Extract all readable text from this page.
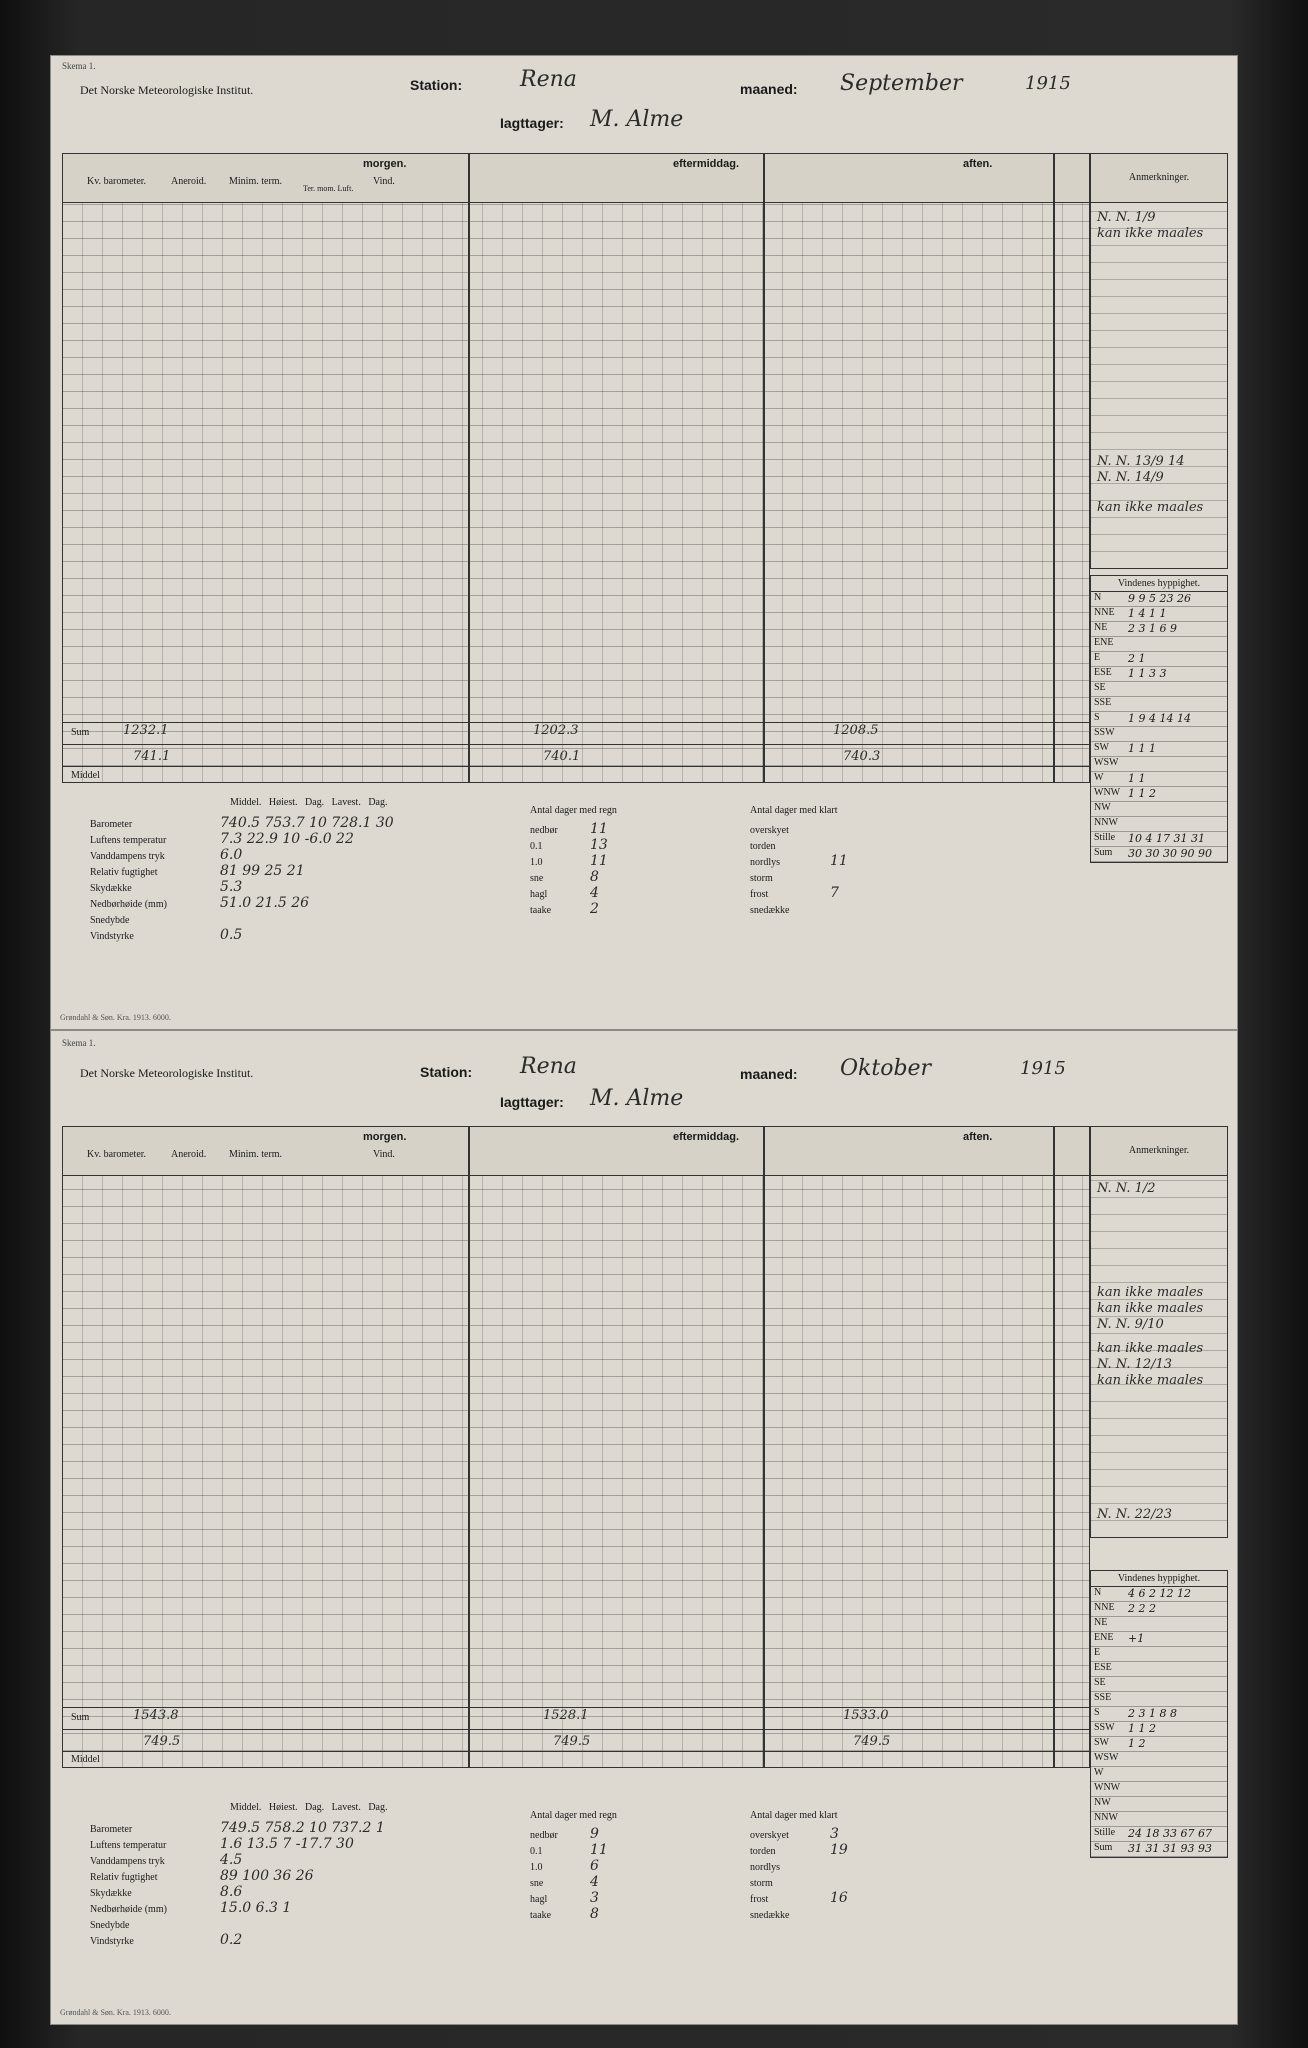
Skema 1.
Det Norske Meteorologiske Institut.	Station:	Rena	maaned: September	1915
Iagttager: M. Alme
morgen.	eftermiddag.	aften.
Kv. barometer. Aneroid. Minim. term.
Ter. mom. Luft.
Vind.
Sum	1232.1	1202.3	1208.5
741.1	740.1	740.3
Middel
Anmerkninger.
N. N. 1/9
kan ikke maales
N. N. 13/9 14
N. N. 14/9
kan ikke maales
Vindenes hyppighet.
N	9 9 5 23 26
NNE	1 4 1 1
NE	2 3 1 6 9
ENE
E	2 1
ESE	1 1 3 3
SE
SSE
S	1 9 4 14 14
SSW
SW	1 1 1
WSW
W	1 1
WNW 1 1 2
NW
NNW
Stille	10 4 17 31 31
Sum	30 30 30 90 90
Middel. Høiest. Dag. Lavest. Dag.
Barometer	740.5 753.7 10 728.1 30
Luftens temperatur	7.3 22.9 10 -6.0 22
Vanddampens tryk	6.0
Relativ fugtighet	81 99 25 21
Skydække	5.3
Nedbørhøide (mm)	51.0 21.5 26
Snedybde
Vindstyrke	0.5
Antal dager med regn
nedbør 11
0.1	13
1.0	11
sne	8
hagl	4
taake	2
Antal dager med klart
overskyet
torden
nordlys	11
storm
frost	7
snedække
Grøndahl & Søn. Kra. 1913. 6000.
Skema 1.
Det Norske Meteorologiske Institut.	Station: Rena	maaned: Oktober	1915
Iagttager: M. Alme
morgen.	eftermiddag.	aften.
Kv. barometer. Aneroid. Minim. term.	Vind.
Sum	1543.8	1528.1	1533.0
749.5	749.5	749.5
Middel
Anmerkninger.
N. N. 1/2
kan ikke maales
kan ikke maales
N. N. 9/10
kan ikke maales
N. N. 12/13
kan ikke maales
N. N. 22/23
Vindenes hyppighet.
N	4 6 2 12 12
NNE	2 2 2
NE
ENE	+1
E
ESE
SE
SSE
S	2 3 1 8 8
SSW	1 1 2
SW	1 2
WSW
W
WNW
NW
NNW
Stille	24 18 33 67 67
Sum	31 31 31 93 93
Middel. Høiest. Dag. Lavest. Dag.
Barometer	749.5 758.2 10 737.2 1
Luftens temperatur	1.6 13.5 7 -17.7 30
Vanddampens tryk	4.5
Relativ fugtighet	89 100 36 26
Skydække	8.6
Nedbørhøide (mm)	15.0 6.3 1
Snedybde
Vindstyrke	0.2
Antal dager med regn
nedbør 9
0.1	11
1.0	6
sne	4
hagl	3
taake	8
Antal dager med klart
overskyet	3
torden	19
nordlys
storm
frost	16
snedække
Grøndahl & Søn. Kra. 1913. 6000.
